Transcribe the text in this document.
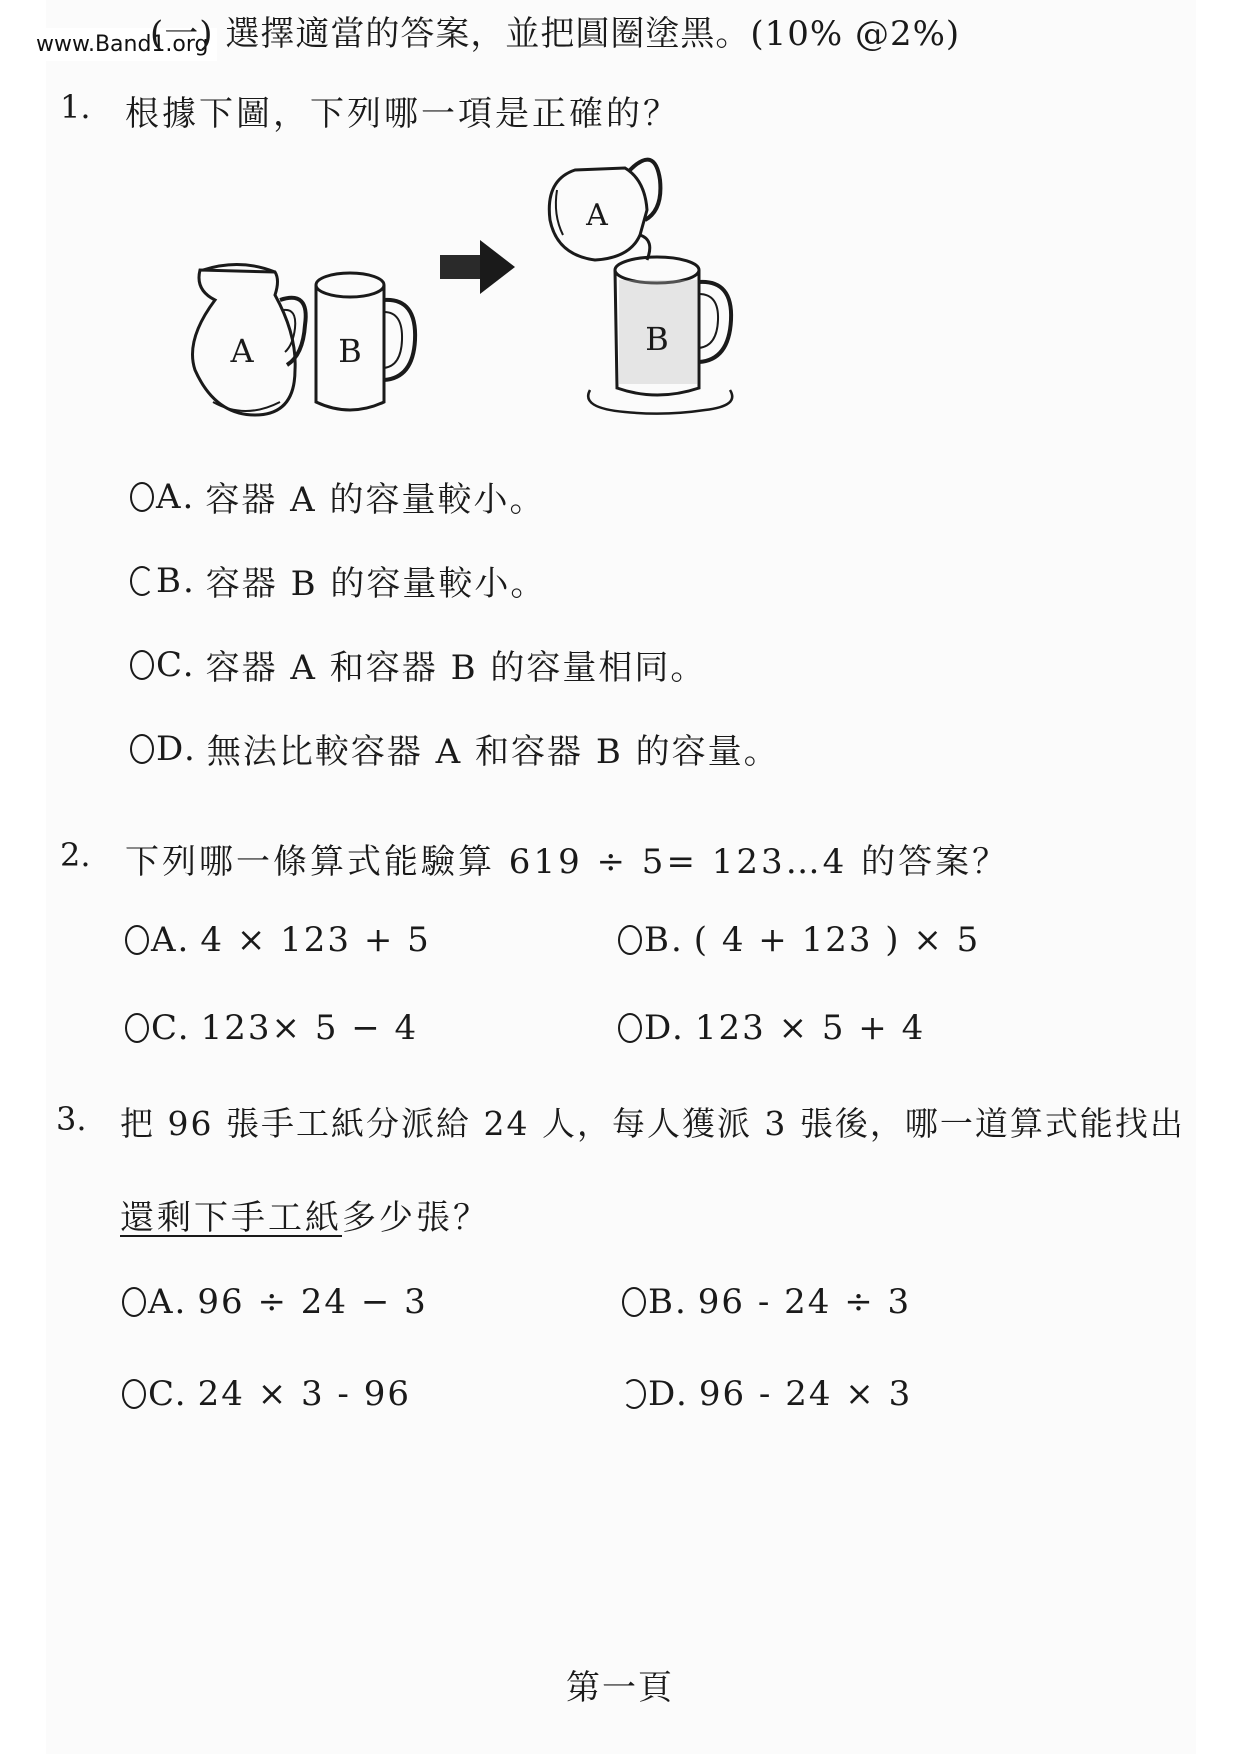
www.Band1.org
(一) 選擇適當的答案，並把圓圈塗黑。(10% @2%)
1. 根據下圖，下列哪一項是正確的？
A	B
A
B
A. 容器 A 的容量較小。
B. 容器 B 的容量較小。
C. 容器 A 和容器 B 的容量相同。
D. 無法比較容器 A 和容器 B 的容量。
2. 下列哪一條算式能驗算 619 ÷ 5= 123…4 的答案？
A. 4 × 123 + 5	B. ( 4 + 123 ) × 5
C. 123× 5 − 4	D. 123 × 5 + 4
3. 把 96 張手工紙分派給 24 人，每人獲派 3 張後，哪一道算式能找出
還剩下手工紙多少張？
A. 96 ÷ 24 − 3	B. 96 - 24 ÷ 3
C. 24 × 3 - 96	D. 96 - 24 × 3
第一頁
